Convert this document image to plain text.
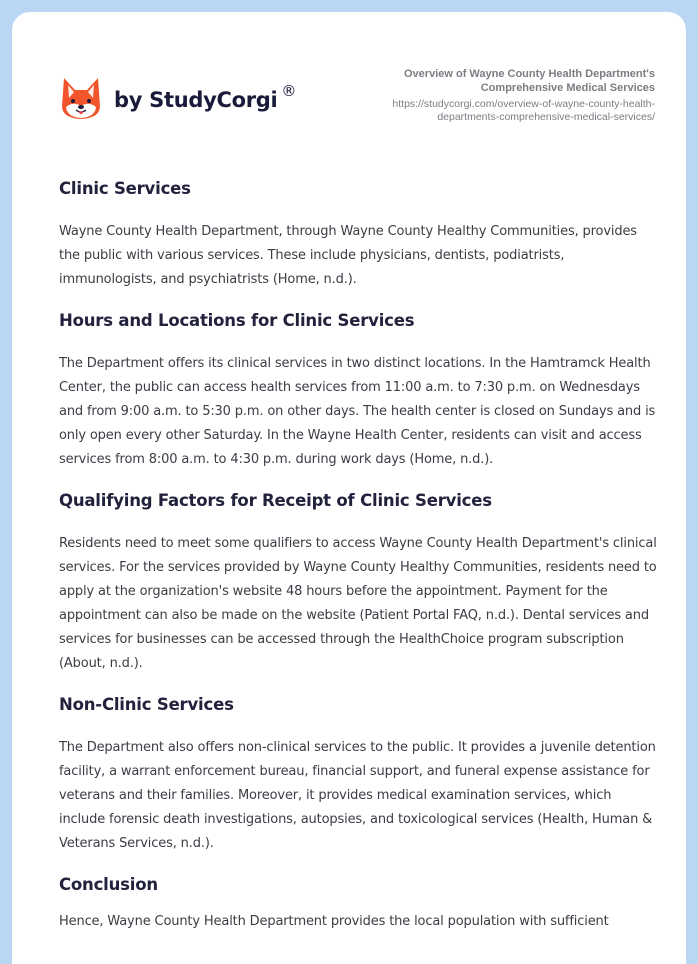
by StudyCorgi ®
Overview of Wayne County Health Department's Comprehensive Medical Services
https://studycorgi.com/overview-of-wayne-county-health-departments-comprehensive-medical-services/
Clinic Services

Wayne County Health Department, through Wayne County Healthy Communities, provides the public with various services. These include physicians, dentists, podiatrists, immunologists, and psychiatrists (Home, n.d.).

Hours and Locations for Clinic Services

The Department offers its clinical services in two distinct locations. In the Hamtramck Health Center, the public can access health services from 11:00 a.m. to 7:30 p.m. on Wednesdays and from 9:00 a.m. to 5:30 p.m. on other days. The health center is closed on Sundays and is only open every other Saturday. In the Wayne Health Center, residents can visit and access services from 8:00 a.m. to 4:30 p.m. during work days (Home, n.d.).

Qualifying Factors for Receipt of Clinic Services

Residents need to meet some qualifiers to access Wayne County Health Department's clinical services. For the services provided by Wayne County Healthy Communities, residents need to apply at the organization's website 48 hours before the appointment. Payment for the appointment can also be made on the website (Patient Portal FAQ, n.d.). Dental services and services for businesses can be accessed through the HealthChoice program subscription (About, n.d.).

Non-Clinic Services

The Department also offers non-clinical services to the public. It provides a juvenile detention facility, a warrant enforcement bureau, financial support, and funeral expense assistance for veterans and their families. Moreover, it provides medical examination services, which include forensic death investigations, autopsies, and toxicological services (Health, Human & Veterans Services, n.d.).

Conclusion

Hence, Wayne County Health Department provides the local population with sufficient
